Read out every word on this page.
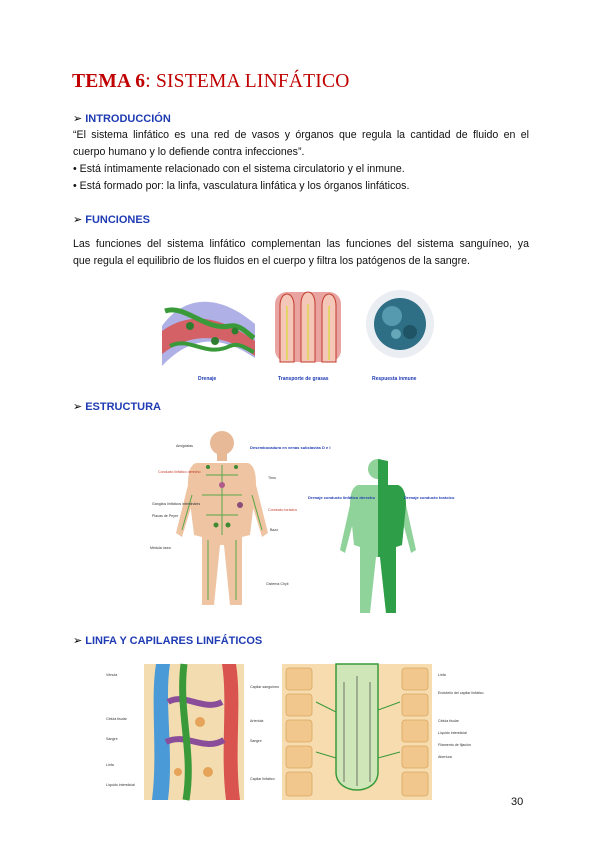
TEMA 6: SISTEMA LINFÁTICO
➢ INTRODUCCIÓN
“El sistema linfático es una red de vasos y órganos que regula la cantidad de fluido en el
cuerpo humano y lo defiende contra infecciones”.
• Está íntimamente relacionado con el sistema circulatorio y el inmune.
• Está formado por: la linfa, vasculatura linfática y los órganos linfáticos.
➢ FUNCIONES
Las funciones del sistema linfático complementan las funciones del sistema sanguíneo, ya
que regula el equilibrio de los fluidos en el cuerpo y filtra los patógenos de la sangre.
Drenaje	Transporte de grasas	Respuesta inmune
➢ ESTRUCTURA
Amígdalas
Conducto linfático derecho
Ganglios linfáticos intestinales
Placas de Peyer
Médula ósea
Timo
Conducto torácico
Bazo
Cisterna Chyli
Desembocadura en venas subclavias D e I
Drenaje conducto linfático derecho	Drenaje conducto torácico
➢ LINFA Y CAPILARES LINFÁTICOS
Vénula
Célula tisular
Sangre
Linfa
Líquido intersticial
Capilar sanguíneo
Arteriola
Sangre
Capilar linfático
Linfa
Endotelio del capilar linfático
Célula tisular
Líquido intersticial
Filamento de fijación
Abertura
30
